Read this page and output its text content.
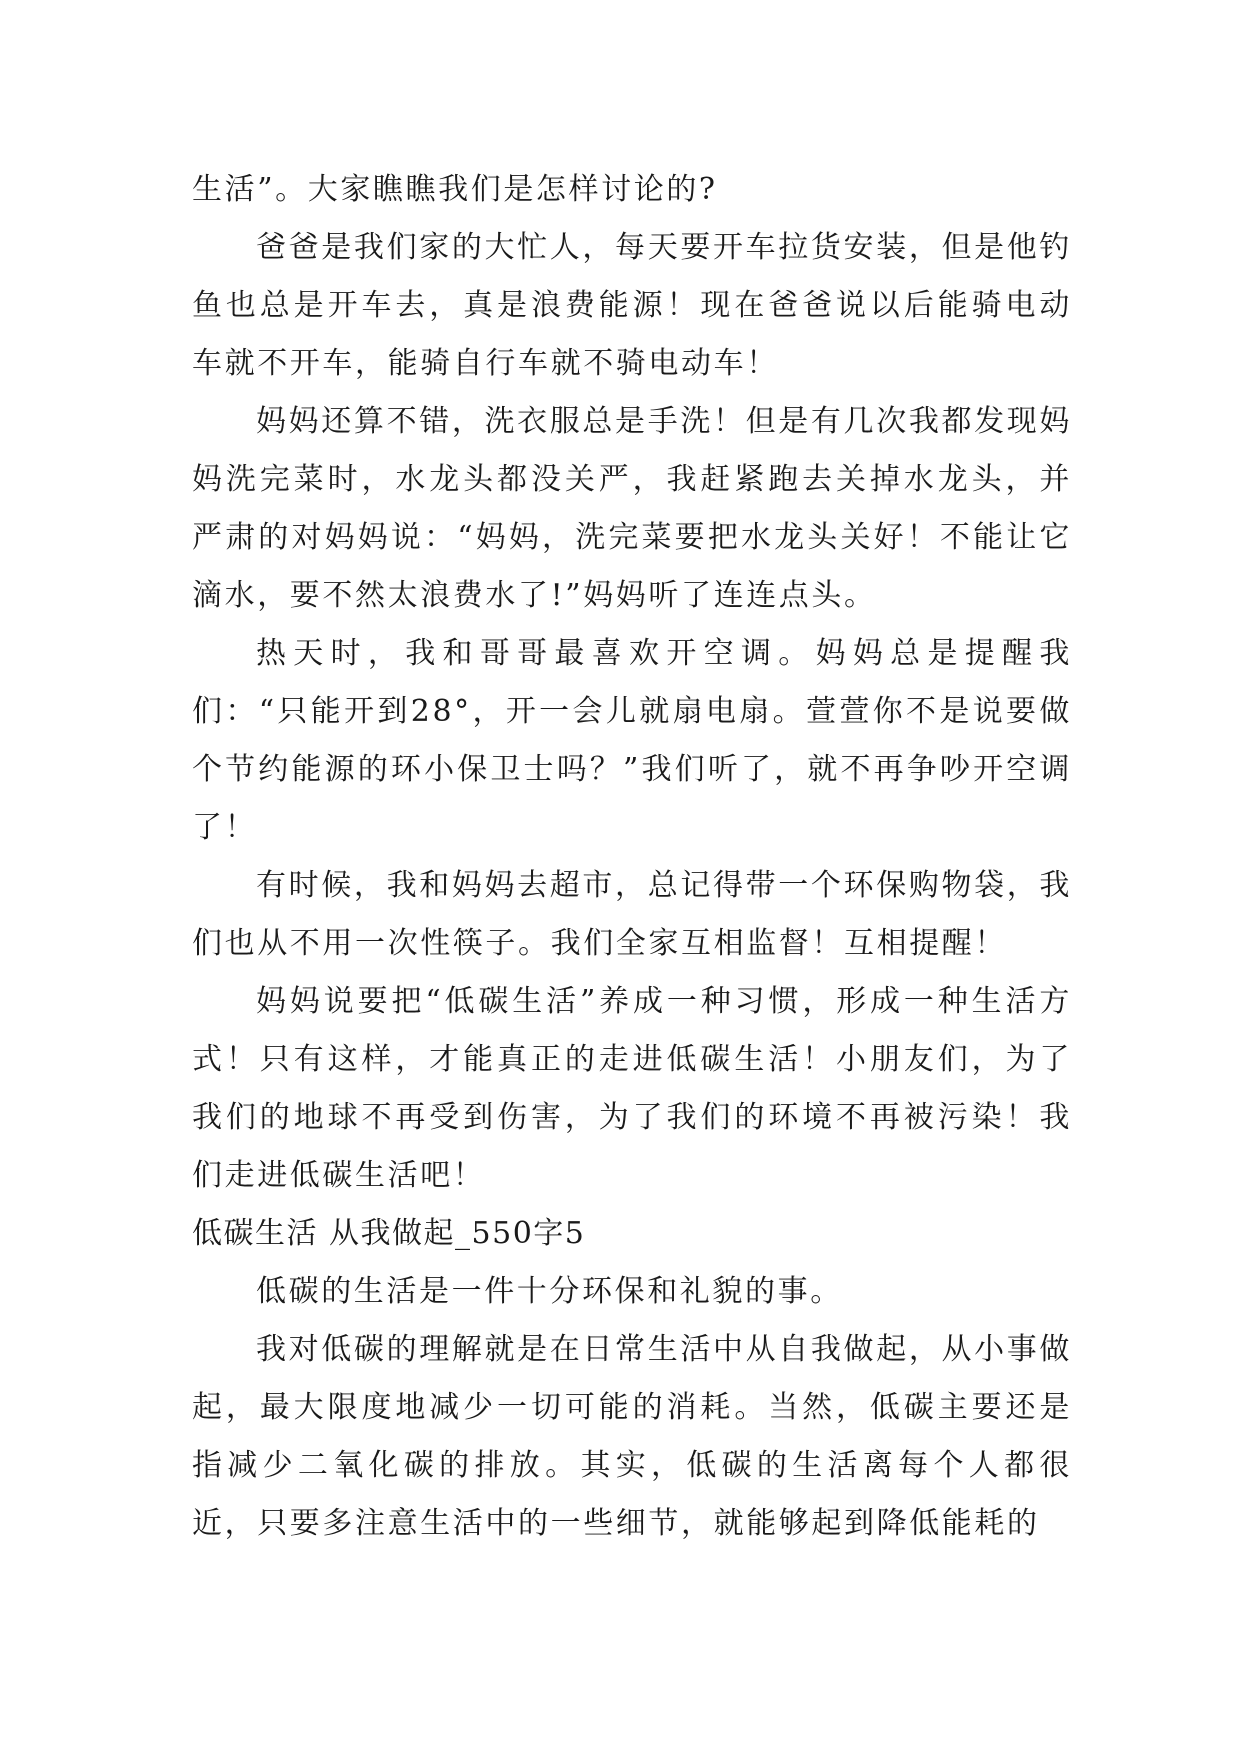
生活”。大家瞧瞧我们是怎样讨论的?

爸爸是我们家的大忙人，每天要开车拉货安装，但是他钓鱼也总是开车去，真是浪费能源！现在爸爸说以后能骑电动车就不开车，能骑自行车就不骑电动车！

妈妈还算不错，洗衣服总是手洗！但是有几次我都发现妈妈洗完菜时，水龙头都没关严，我赶紧跑去关掉水龙头，并严肃的对妈妈说：“妈妈，洗完菜要把水龙头关好！不能让它滴水，要不然太浪费水了!”妈妈听了连连点头。

热天时，我和哥哥最喜欢开空调。妈妈总是提醒我们：“只能开到28°，开一会儿就扇电扇。萱萱你不是说要做个节约能源的环小保卫士吗？”我们听了，就不再争吵开空调了！

有时候，我和妈妈去超市，总记得带一个环保购物袋，我们也从不用一次性筷子。我们全家互相监督！互相提醒！

妈妈说要把“低碳生活”养成一种习惯，形成一种生活方式！只有这样，才能真正的走进低碳生活！小朋友们，为了我们的地球不再受到伤害，为了我们的环境不再被污染！我们走进低碳生活吧！

低碳生活 从我做起_550字5

低碳的生活是一件十分环保和礼貌的事。

我对低碳的理解就是在日常生活中从自我做起，从小事做起，最大限度地减少一切可能的消耗。当然，低碳主要还是指减少二氧化碳的排放。其实，低碳的生活离每个人都很近，只要多注意生活中的一些细节，就能够起到降低能耗的
